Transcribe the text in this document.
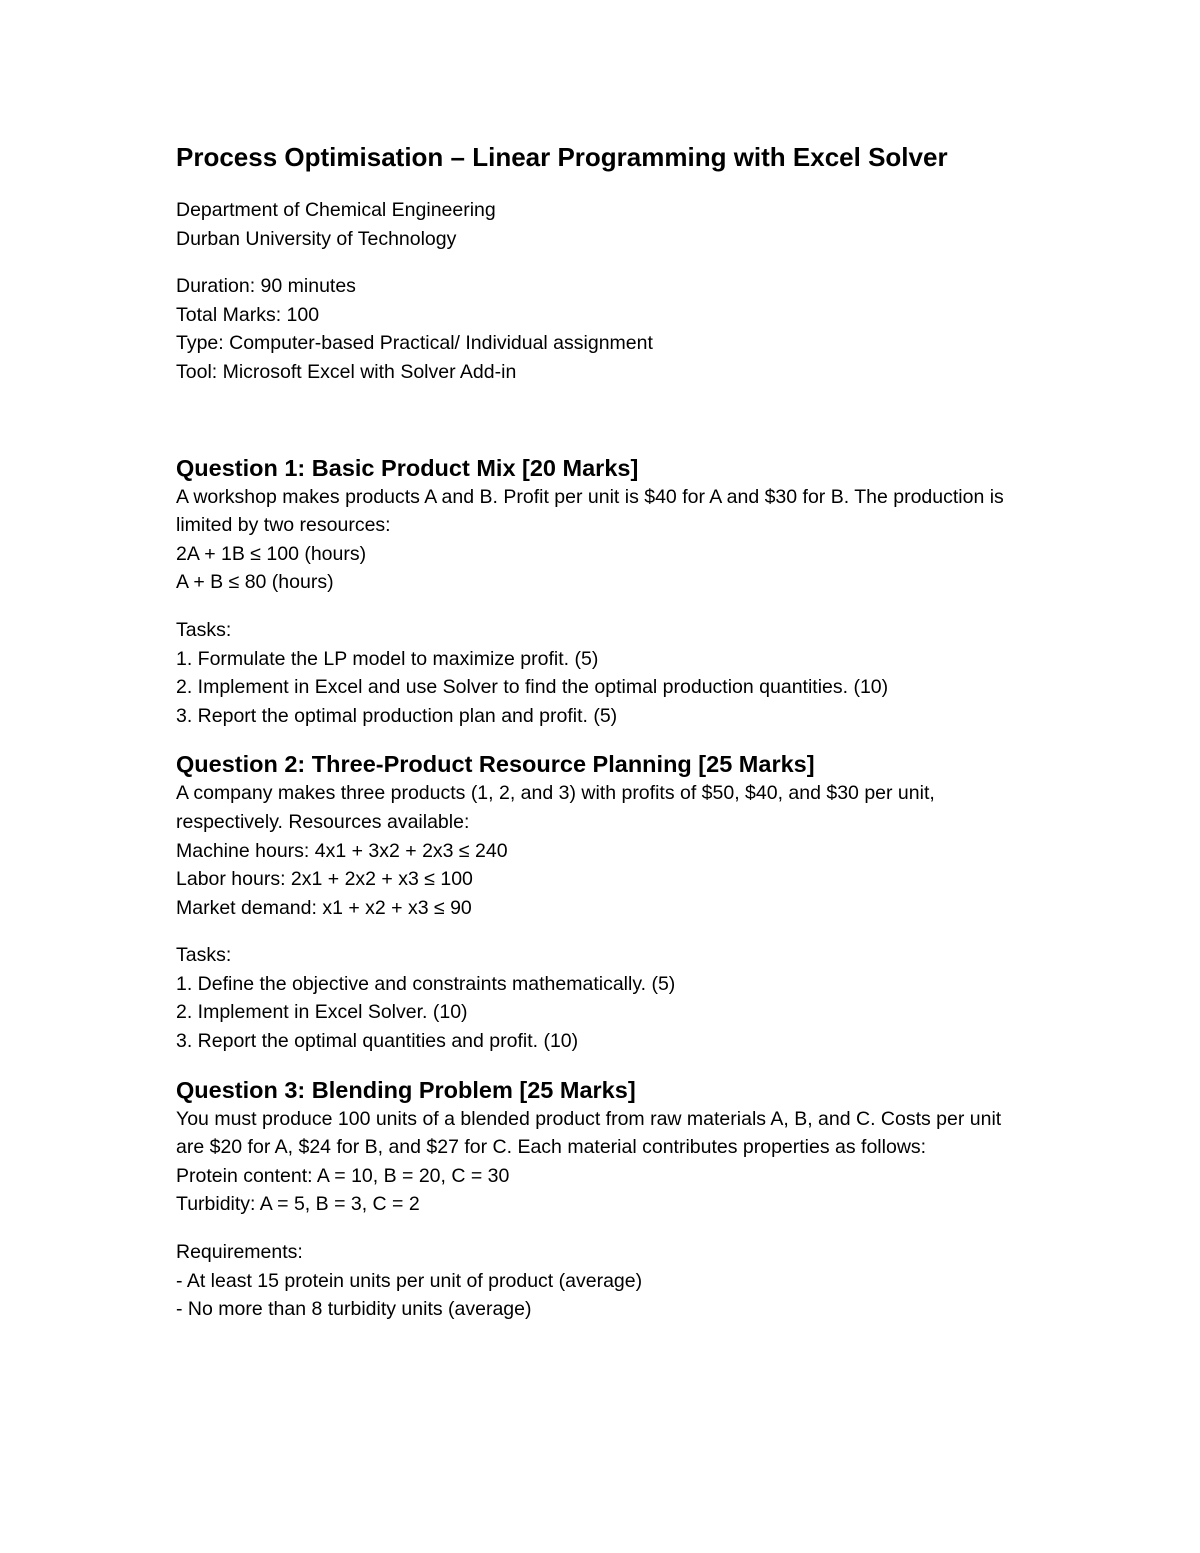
Process Optimisation – Linear Programming with Excel Solver
Department of Chemical Engineering
Durban University of Technology
Duration: 90 minutes
Total Marks: 100
Type: Computer-based Practical/ Individual assignment
Tool: Microsoft Excel with Solver Add-in
Question 1: Basic Product Mix [20 Marks]
A workshop makes products A and B. Profit per unit is $40 for A and $30 for B. The production is limited by two resources:
2A + 1B ≤ 100 (hours)
A + B ≤ 80 (hours)
Tasks:
1. Formulate the LP model to maximize profit. (5)
2. Implement in Excel and use Solver to find the optimal production quantities. (10)
3. Report the optimal production plan and profit. (5)
Question 2: Three-Product Resource Planning [25 Marks]
A company makes three products (1, 2, and 3) with profits of $50, $40, and $30 per unit, respectively. Resources available:
Machine hours: 4x1 + 3x2 + 2x3 ≤ 240
Labor hours: 2x1 + 2x2 + x3 ≤ 100
Market demand: x1 + x2 + x3 ≤ 90
Tasks:
1. Define the objective and constraints mathematically. (5)
2. Implement in Excel Solver. (10)
3. Report the optimal quantities and profit. (10)
Question 3: Blending Problem [25 Marks]
You must produce 100 units of a blended product from raw materials A, B, and C. Costs per unit are $20 for A, $24 for B, and $27 for C. Each material contributes properties as follows:
Protein content: A = 10, B = 20, C = 30
Turbidity: A = 5, B = 3, C = 2
Requirements:
- At least 15 protein units per unit of product (average)
- No more than 8 turbidity units (average)
